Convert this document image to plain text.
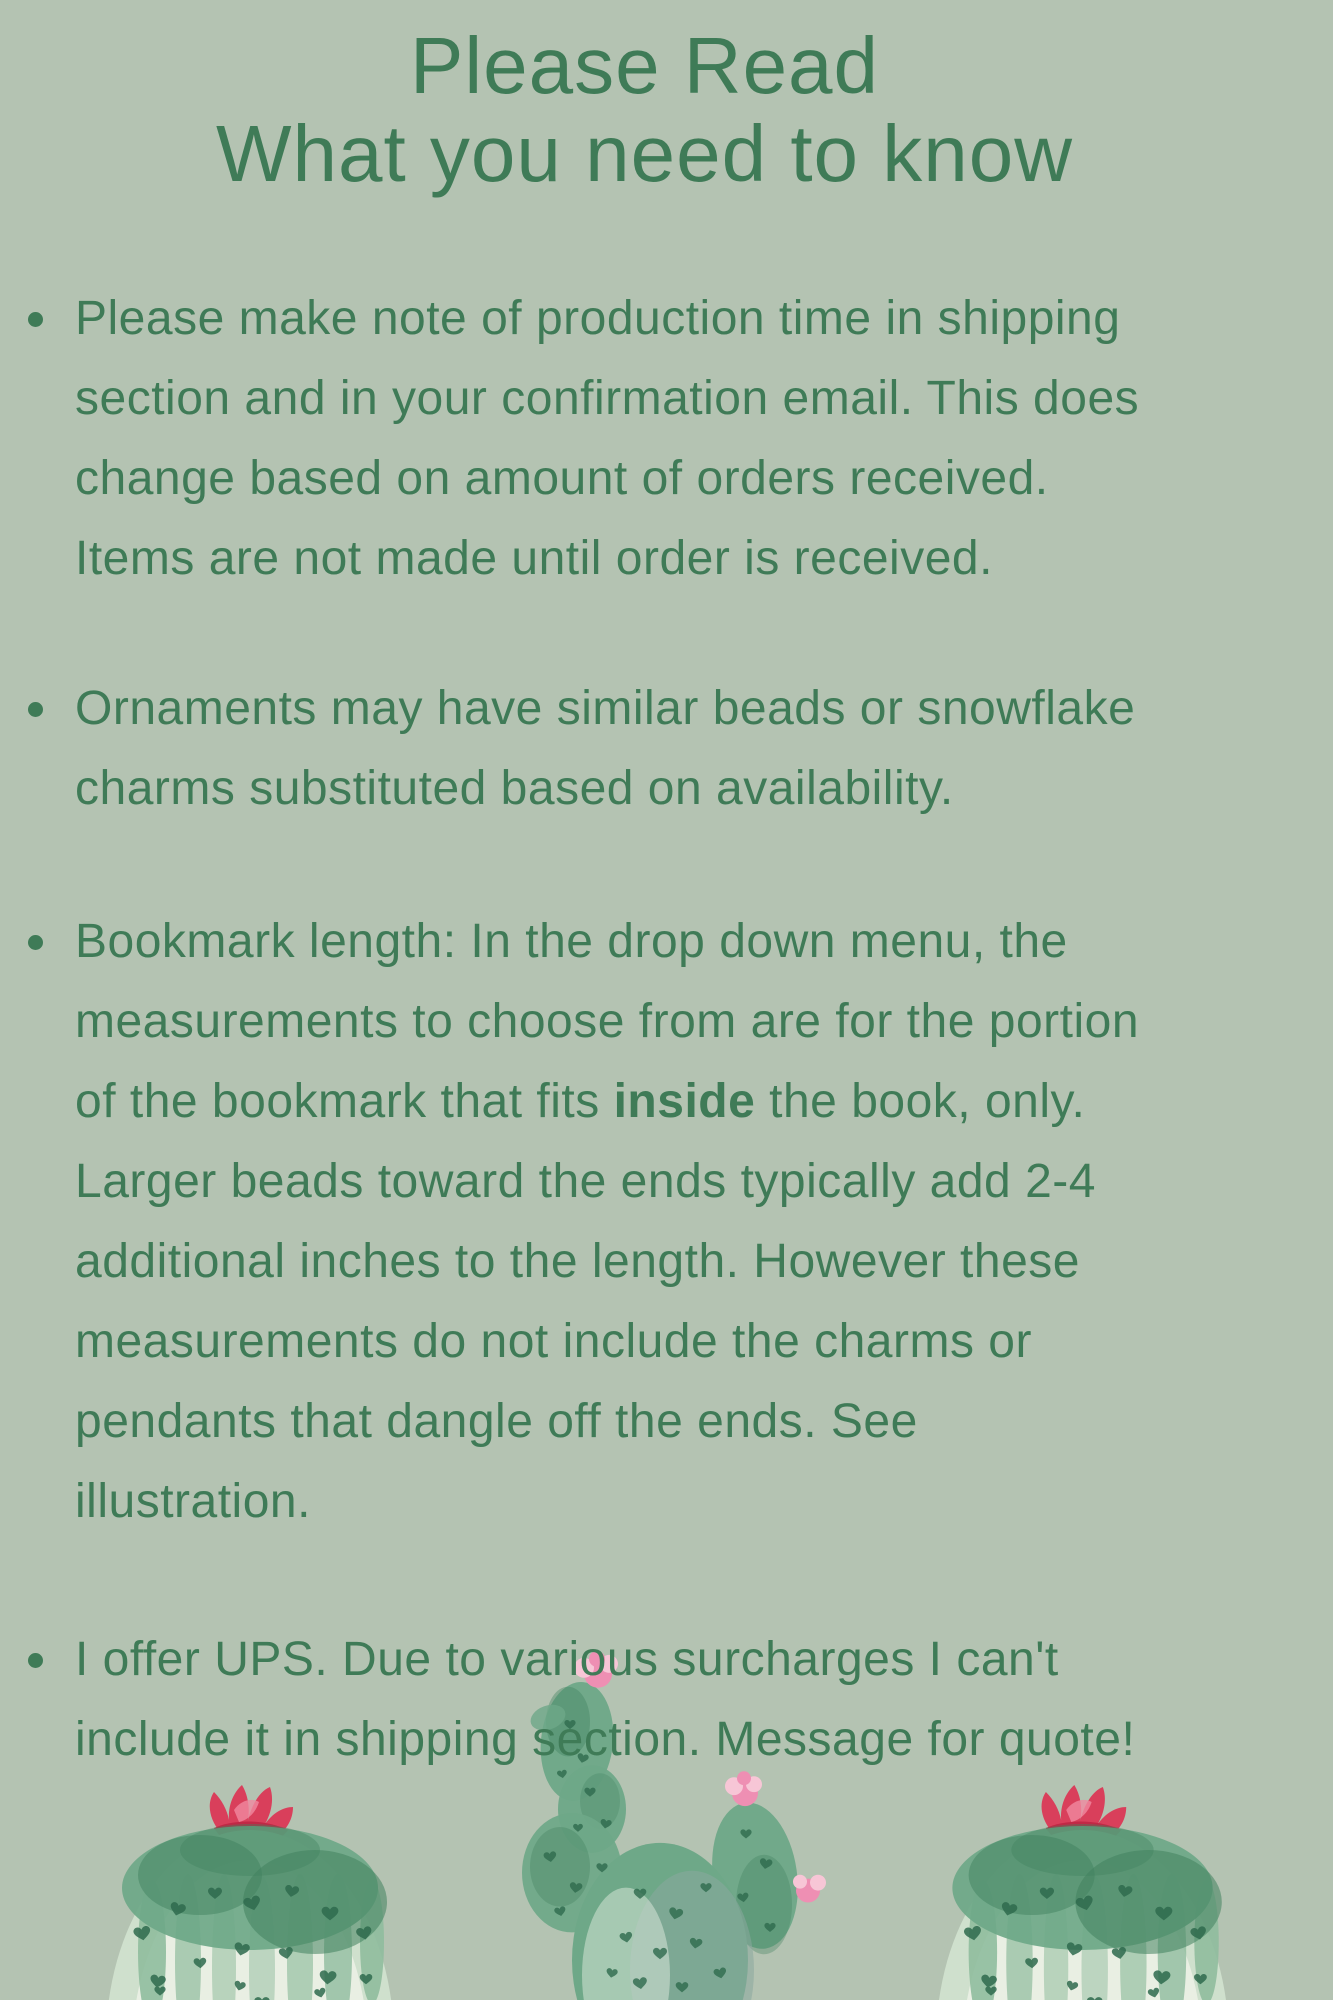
Please Read
What you need to know
Please make note of production time in shipping
section and in your confirmation email. This does
change based on amount of orders received.
Items are not made until order is received.
Ornaments may have similar beads or snowflake
charms substituted based on availability.
Bookmark length: In the drop down menu, the
measurements to choose from are for the portion
of the bookmark that fits inside the book, only.
Larger beads toward the ends typically add 2-4
additional inches to the length. However these
measurements do not include the charms or
pendants that dangle off the ends. See
illustration.
I offer UPS. Due to various surcharges I can't
include it in shipping section. Message for quote!
